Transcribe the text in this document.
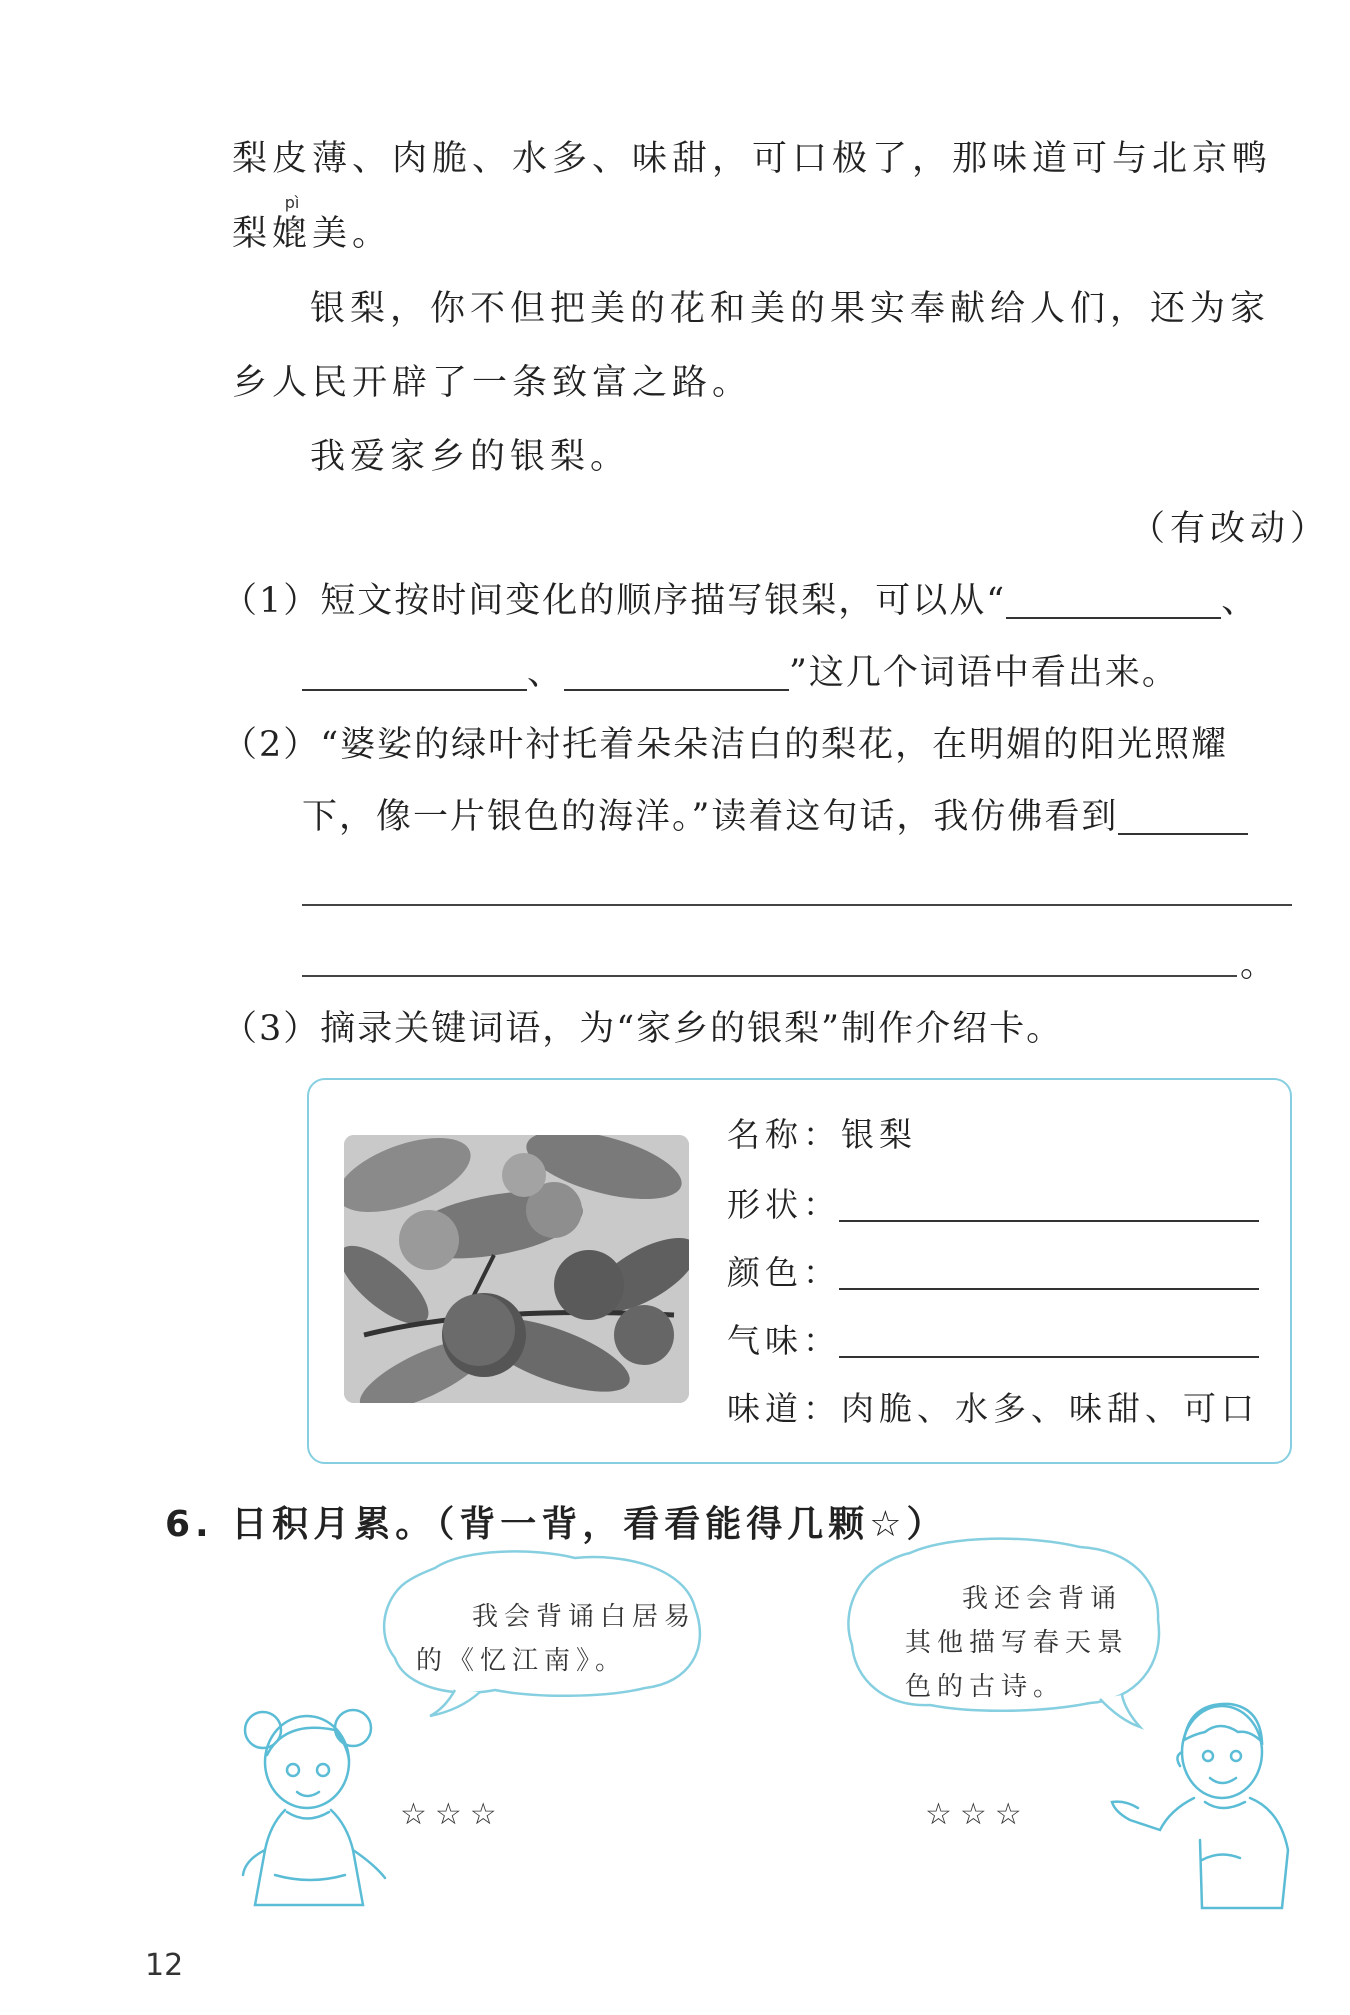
梨皮薄、肉脆、水多、味甜，可口极了，那味道可与北京鸭
梨
pì
媲美。
银梨，你不但把美的花和美的果实奉献给人们，还为家
乡人民开辟了一条致富之路。
我爱家乡的银梨。
（有改动）
（1）短文按时间变化的顺序描写银梨，可以从“	、
、	”这几个词语中看出来。
（2）“婆娑的绿叶衬托着朵朵洁白的梨花，在明媚的阳光照耀
下，像一片银色的海洋。”读着这句话，我仿佛看到
。
（3）摘录关键词语，为“家乡的银梨”制作介绍卡。
名称：银梨
形状：
颜色：
气味：
味道：肉脆、水多、味甜、可口
6. 日积月累。（背一背，看看能得几颗☆）
我会背诵白居易
的《忆江南》。
我还会背诵
其他描写春天景
色的古诗。
☆☆☆	☆☆☆
12
